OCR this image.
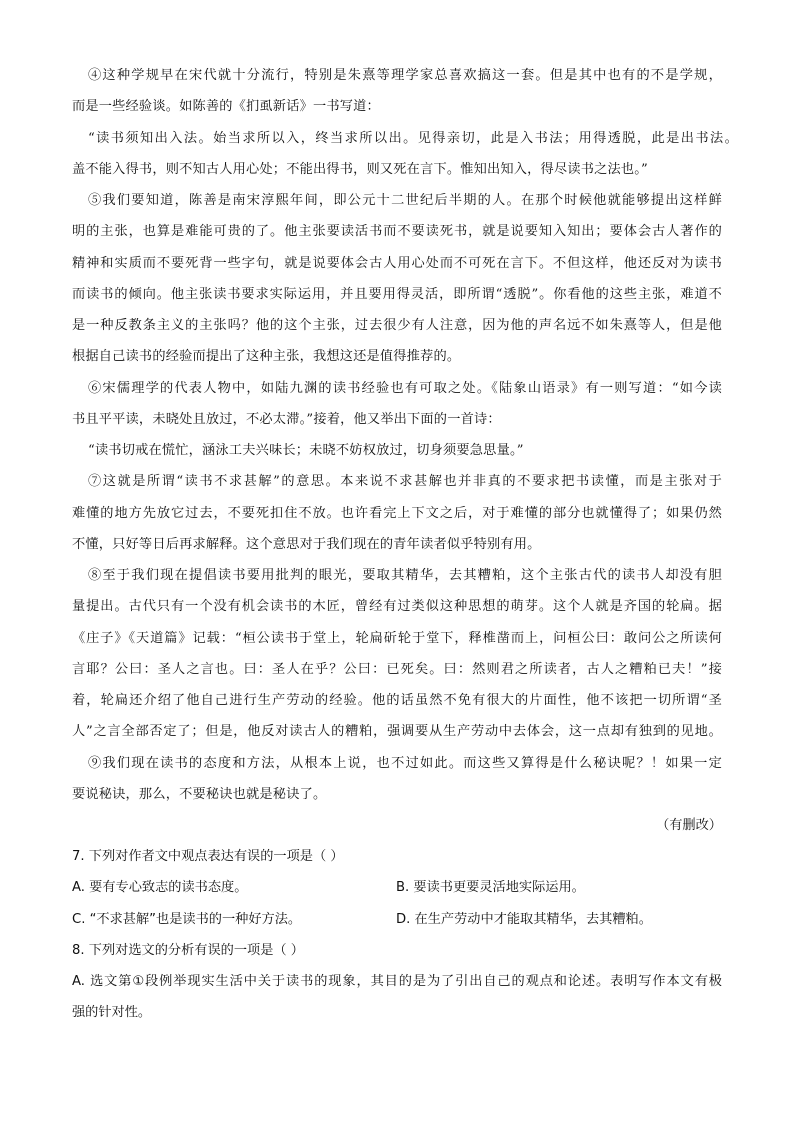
④这种学规早在宋代就十分流行，特别是朱熹等理学家总喜欢搞这一套。但是其中也有的不是学规，
而是一些经验谈。如陈善的《扪虱新话》一书写道：
“读书须知出入法。始当求所以入，终当求所以出。见得亲切，此是入书法；用得透脱，此是出书法。
盖不能入得书，则不知古人用心处；不能出得书，则又死在言下。惟知出知入，得尽读书之法也。”
⑤我们要知道，陈善是南宋淳熙年间，即公元十二世纪后半期的人。在那个时候他就能够提出这样鲜
明的主张，也算是难能可贵的了。他主张要读活书而不要读死书，就是说要知入知出；要体会古人著作的
精神和实质而不要死背一些字句，就是说要体会古人用心处而不可死在言下。不但这样，他还反对为读书
而读书的倾向。他主张读书要求实际运用，并且要用得灵活，即所谓“透脱”。你看他的这些主张，难道不
是一种反教条主义的主张吗？他的这个主张，过去很少有人注意，因为他的声名远不如朱熹等人，但是他
根据自己读书的经验而提出了这种主张，我想这还是值得推荐的。
⑥宋儒理学的代表人物中，如陆九渊的读书经验也有可取之处。《陆象山语录》有一则写道：“如今读
书且平平读，未晓处且放过，不必太滞。”接着，他又举出下面的一首诗：
“读书切戒在慌忙，涵泳工夫兴味长；未晓不妨权放过，切身须要急思量。”
⑦这就是所谓“读书不求甚解”的意思。本来说不求甚解也并非真的不要求把书读懂，而是主张对于
难懂的地方先放它过去，不要死扣住不放。也许看完上下文之后，对于难懂的部分也就懂得了；如果仍然
不懂，只好等日后再求解释。这个意思对于我们现在的青年读者似乎特别有用。
⑧至于我们现在提倡读书要用批判的眼光，要取其精华，去其糟粕，这个主张古代的读书人却没有胆
量提出。古代只有一个没有机会读书的木匠，曾经有过类似这种思想的萌芽。这个人就是齐国的轮扁。据
《庄子》《天道篇》记载：“桓公读书于堂上，轮扁斫轮于堂下，释椎凿而上，问桓公曰：敢问公之所读何
言耶？公曰：圣人之言也。曰：圣人在乎？公曰：已死矣。曰：然则君之所读者，古人之糟粕已夫！”接
着，轮扁还介绍了他自己进行生产劳动的经验。他的话虽然不免有很大的片面性，他不该把一切所谓“圣
人”之言全部否定了；但是，他反对读古人的糟粕，强调要从生产劳动中去体会，这一点却有独到的见地。
⑨我们现在读书的态度和方法，从根本上说，也不过如此。而这些又算得是什么秘诀呢？！如果一定
要说秘诀，那么，不要秘诀也就是秘诀了。
（有删改）
7. 下列对作者文中观点表达有误的一项是（ ）
A. 要有专心致志的读书态度。	B. 要读书更要灵活地实际运用。
C. “不求甚解”也是读书的一种好方法。	D. 在生产劳动中才能取其精华，去其糟粕。
8. 下列对选文的分析有误的一项是（ ）
A. 选文第①段例举现实生活中关于读书的现象，其目的是为了引出自己的观点和论述。表明写作本文有极
强的针对性。
